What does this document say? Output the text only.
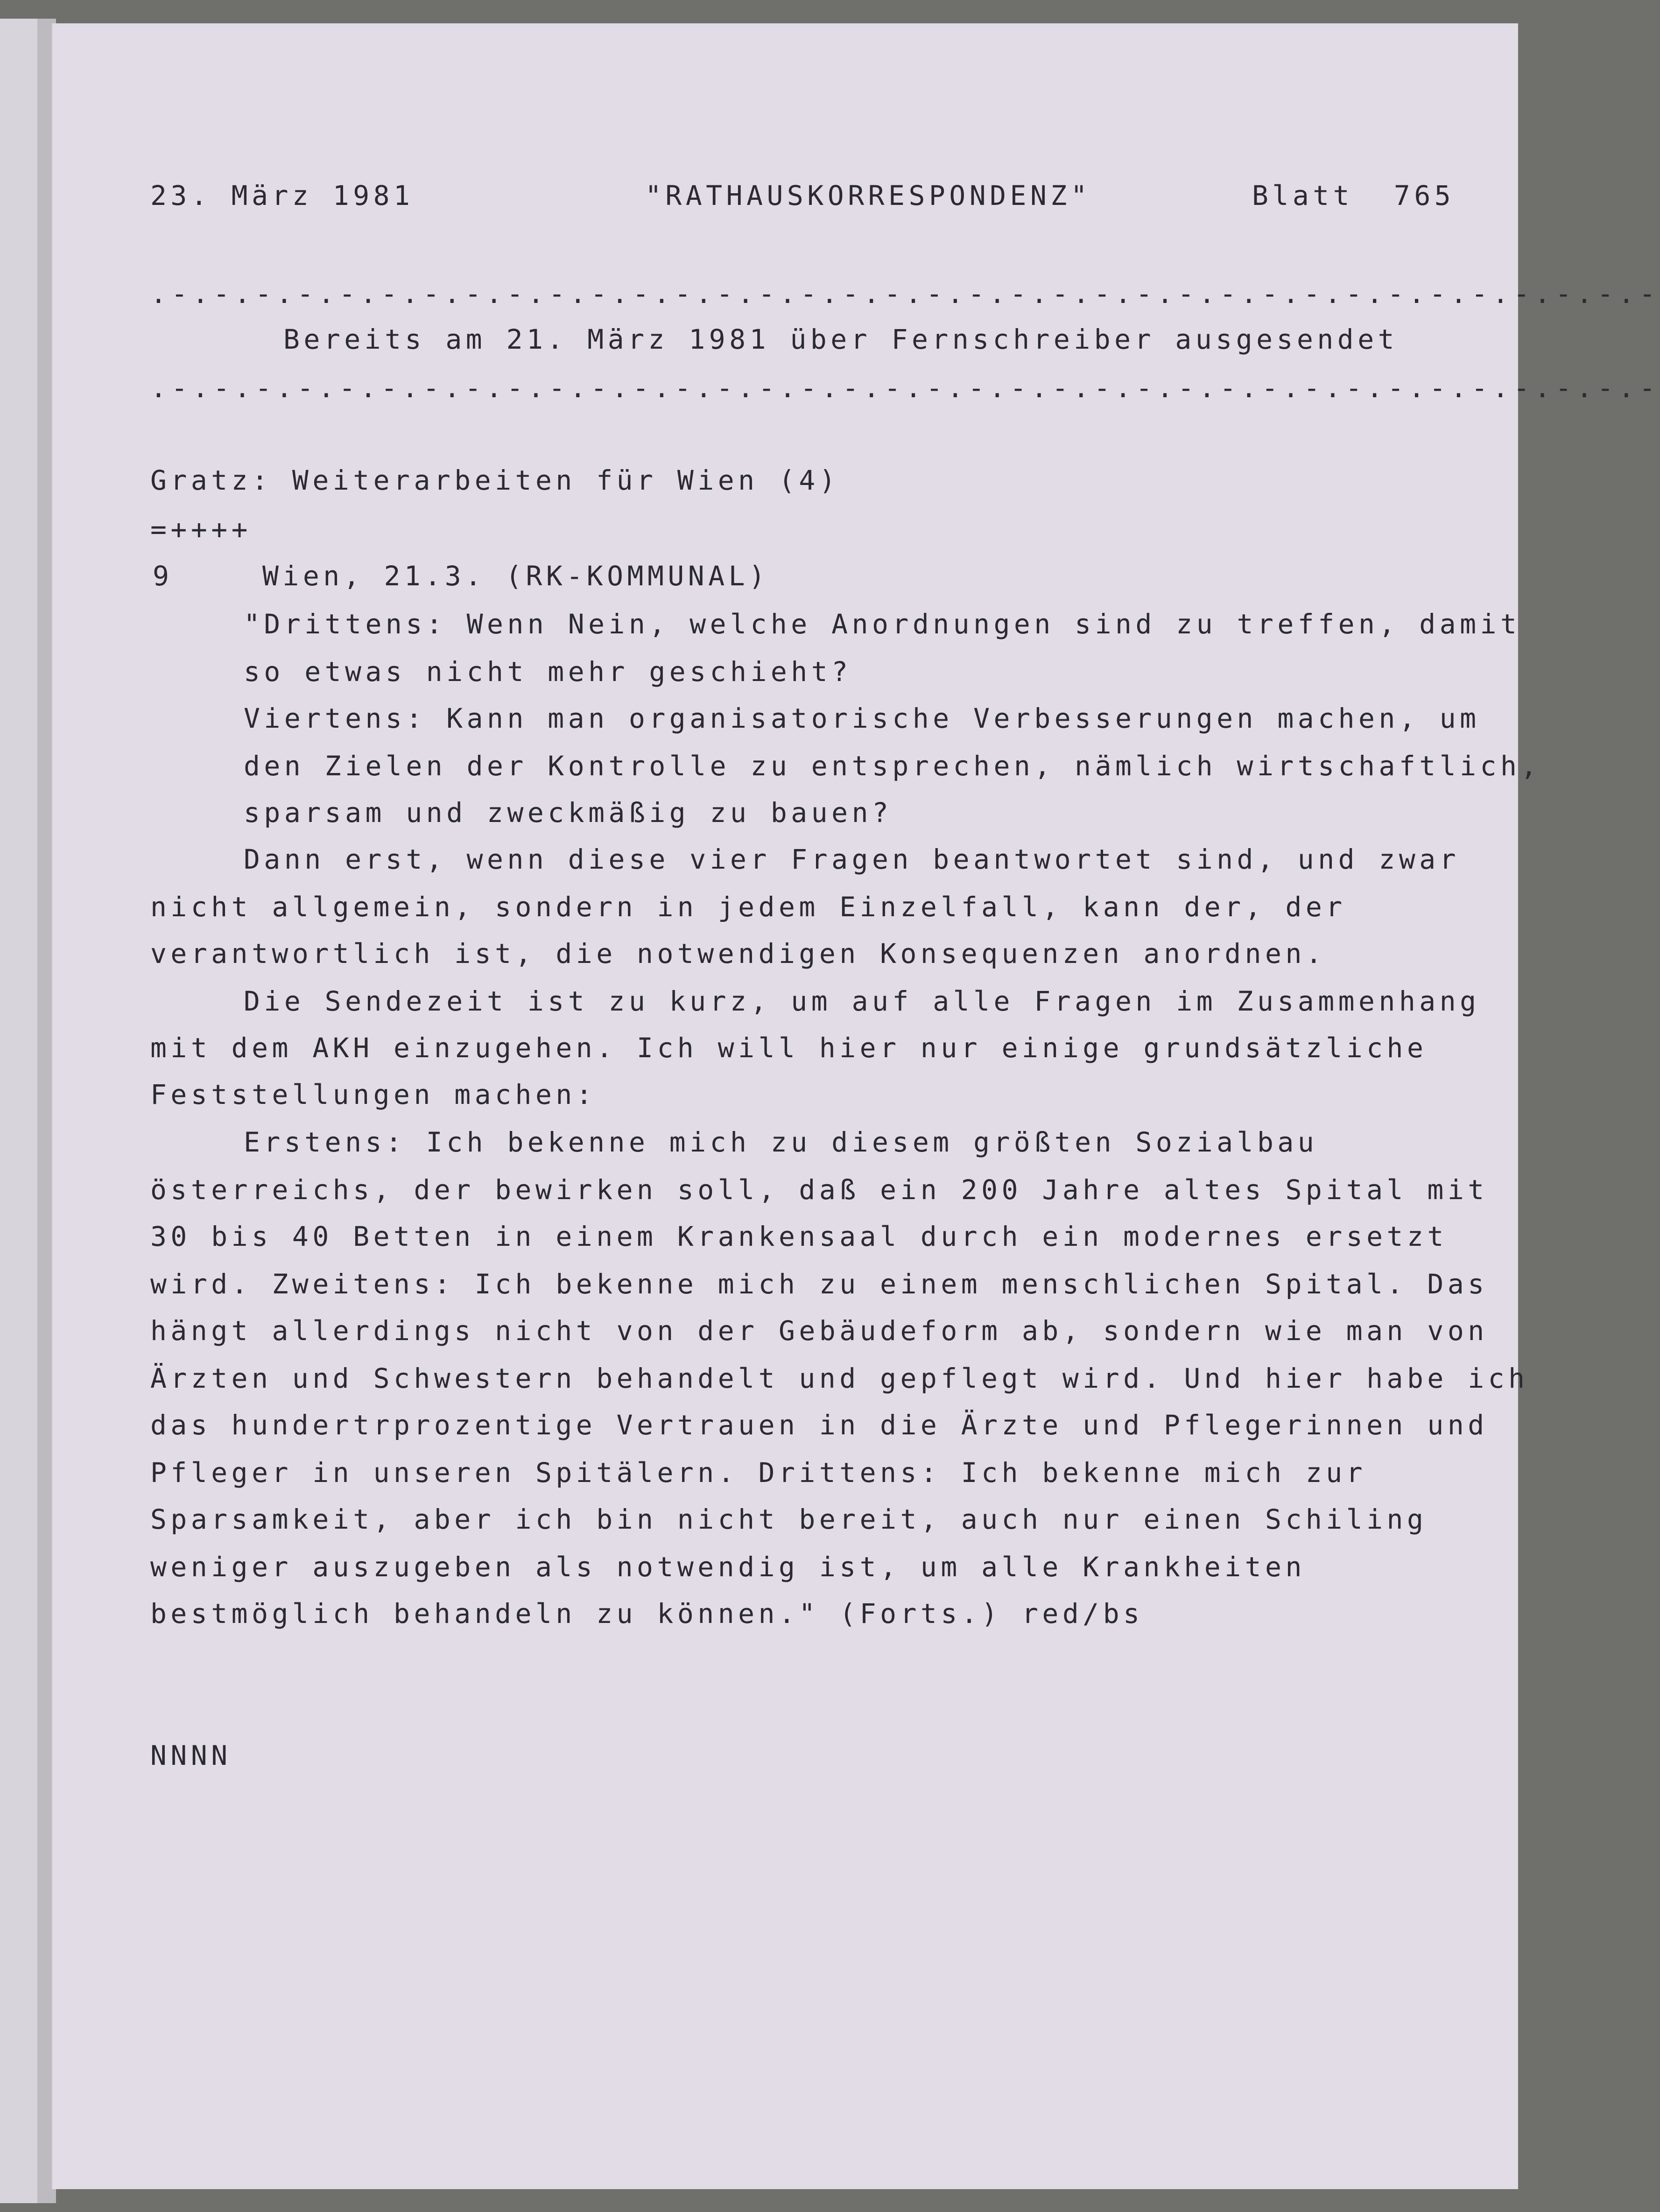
23. März 1981	"RATHAUSKORRESPONDENZ"	Blatt  765
.-.-.-.-.-.-.-.-.-.-.-.-.-.-.-.-.-.-.-.-.-.-.-.-.-.-.-.-.-.-.-.-.-.-.-.-
Bereits am 21. März 1981 über Fernschreiber ausgesendet
.-.-.-.-.-.-.-.-.-.-.-.-.-.-.-.-.-.-.-.-.-.-.-.-.-.-.-.-.-.-.-.-.-.-.-.-
Gratz: Weiterarbeiten für Wien (4)
=++++
9	Wien, 21.3. (RK-KOMMUNAL)
"Drittens: Wenn Nein, welche Anordnungen sind zu treffen, damit
so etwas nicht mehr geschieht?
Viertens: Kann man organisatorische Verbesserungen machen, um
den Zielen der Kontrolle zu entsprechen, nämlich wirtschaftlich,
sparsam und zweckmäßig zu bauen?
Dann erst, wenn diese vier Fragen beantwortet sind, und zwar
nicht allgemein, sondern in jedem Einzelfall, kann der, der
verantwortlich ist, die notwendigen Konsequenzen anordnen.
Die Sendezeit ist zu kurz, um auf alle Fragen im Zusammenhang
mit dem AKH einzugehen. Ich will hier nur einige grundsätzliche
Feststellungen machen:
Erstens: Ich bekenne mich zu diesem größten Sozialbau
österreichs, der bewirken soll, daß ein 200 Jahre altes Spital mit
30 bis 40 Betten in einem Krankensaal durch ein modernes ersetzt
wird. Zweitens: Ich bekenne mich zu einem menschlichen Spital. Das
hängt allerdings nicht von der Gebäudeform ab, sondern wie man von
Ärzten und Schwestern behandelt und gepflegt wird. Und hier habe ich
das hundertrprozentige Vertrauen in die Ärzte und Pflegerinnen und
Pfleger in unseren Spitälern. Drittens: Ich bekenne mich zur
Sparsamkeit, aber ich bin nicht bereit, auch nur einen Schiling
weniger auszugeben als notwendig ist, um alle Krankheiten
bestmöglich behandeln zu können." (Forts.) red/bs
NNNN
